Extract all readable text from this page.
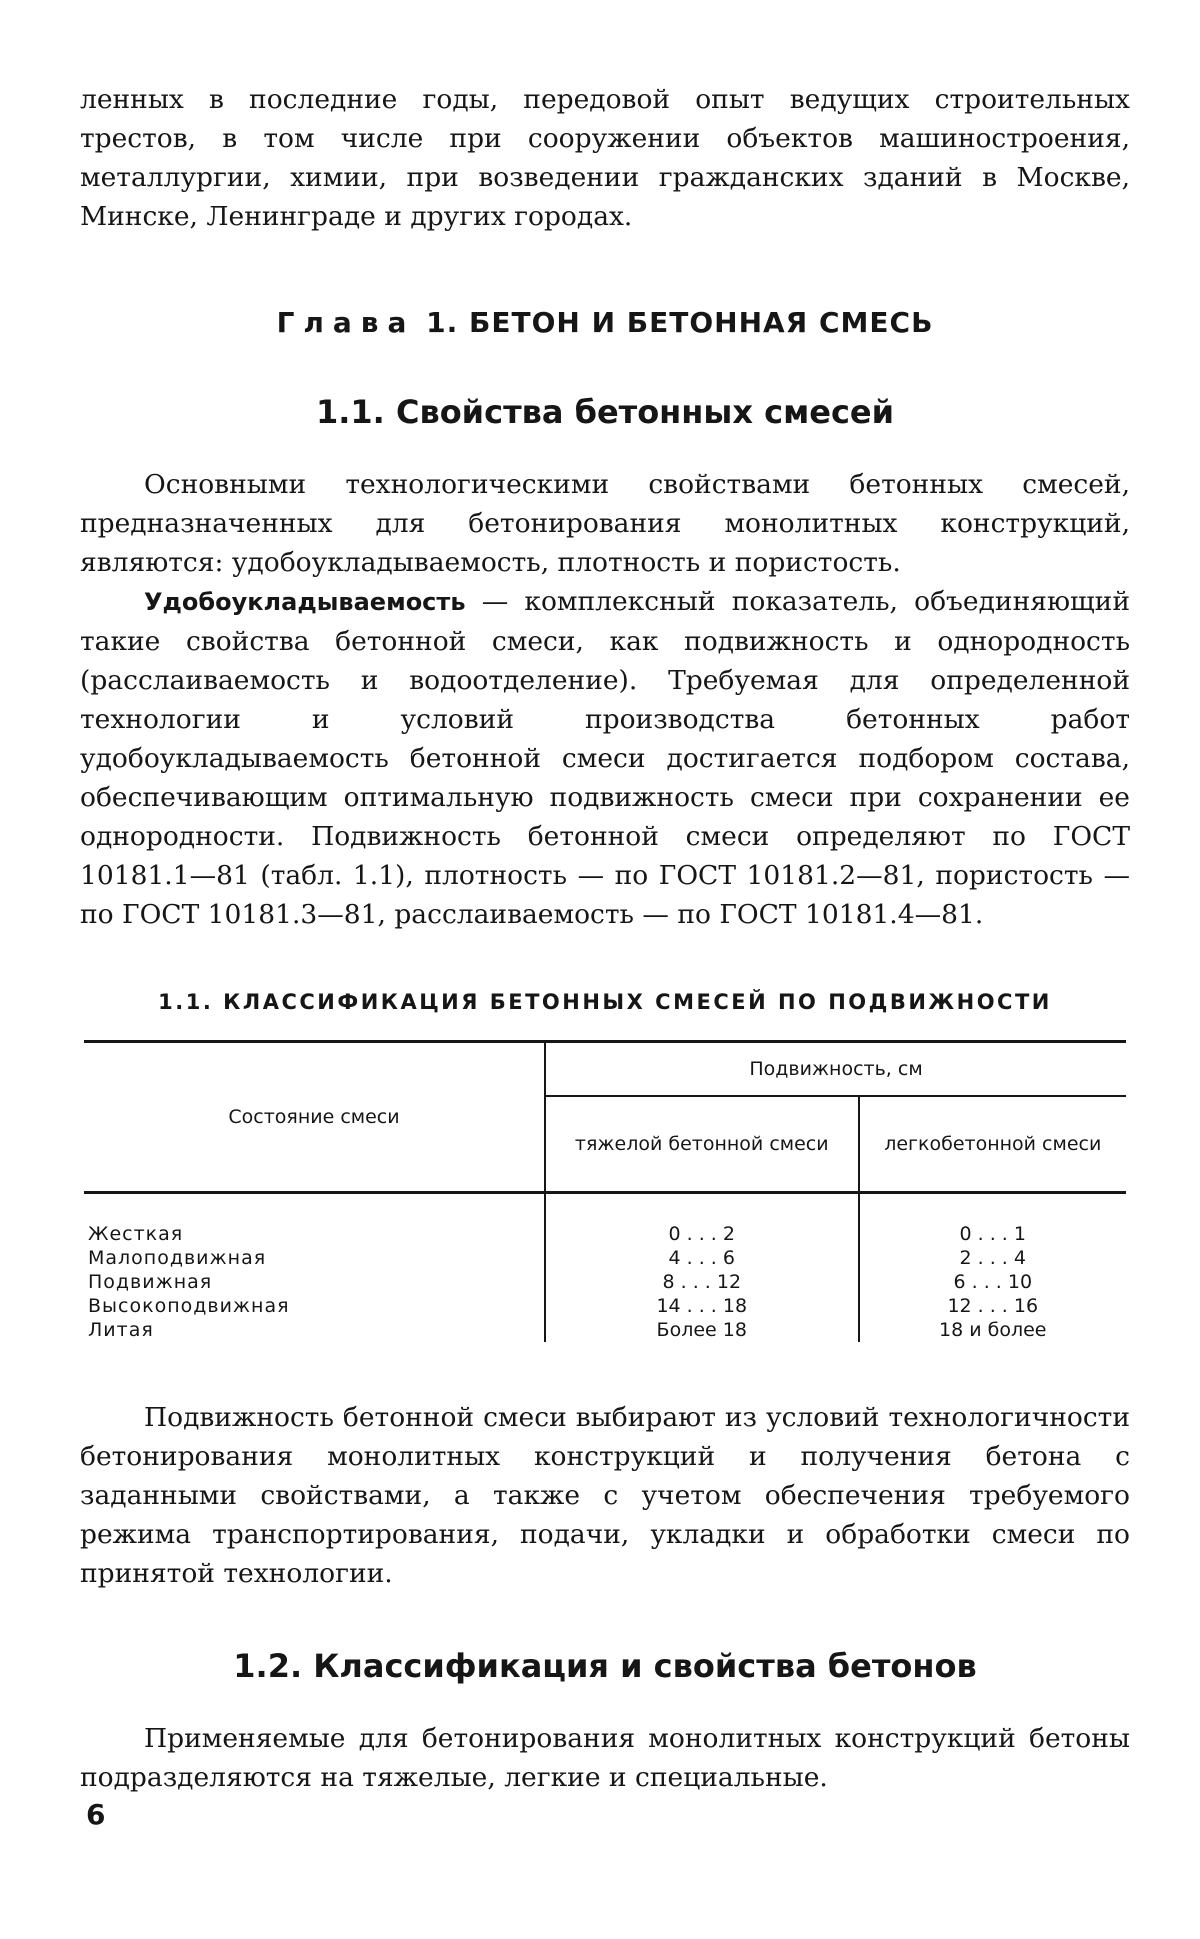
ленных в последние годы, передовой опыт ведущих строительных трестов, в том числе при сооружении объектов машиностроения, металлургии, химии, при возведении гражданских зданий в Москве, Минске, Ленинграде и других городах.

Глава 1. БЕТОН И БЕТОННАЯ СМЕСЬ
1.1. Свойства бетонных смесей

Основными технологическими свойствами бетонных смесей, предназначенных для бетонирования монолитных конструкций, являются: удобоукладываемость, плотность и пористость.

Удобоукладываемость — комплексный показатель, объединяющий такие свойства бетонной смеси, как подвижность и однородность (расслаиваемость и водоотделение). Требуемая для определенной технологии и условий производства бетонных работ удобоукладываемость бетонной смеси достигается подбором состава, обеспечивающим оптимальную подвижность смеси при сохранении ее однородности. Подвижность бетонной смеси определяют по ГОСТ 10181.1—81 (табл. 1.1), плотность — по ГОСТ 10181.2—81, пористость — по ГОСТ 10181.3—81, расслаиваемость — по ГОСТ 10181.4—81.

1.1. КЛАССИФИКАЦИЯ БЕТОННЫХ СМЕСЕЙ ПО ПОДВИЖНОСТИ
Состояние смеси	Подвижность, см	
	тяжелой бетонной смеси	легкобетонной смеси
Жесткая	0 . . . 2	0 . . . 1
Малоподвижная	4 . . . 6	2 . . . 4
Подвижная	8 . . . 12	6 . . . 10
Высокоподвижная	14 . . . 18	12 . . . 16
Литая	Более 18	18 и более

Подвижность бетонной смеси выбирают из условий технологичности бетонирования монолитных конструкций и получения бетона с заданными свойствами, а также с учетом обеспечения требуемого режима транспортирования, подачи, укладки и обработки смеси по принятой технологии.

1.2. Классификация и свойства бетонов

Применяемые для бетонирования монолитных конструкций бетоны подразделяются на тяжелые, легкие и специальные.

6
